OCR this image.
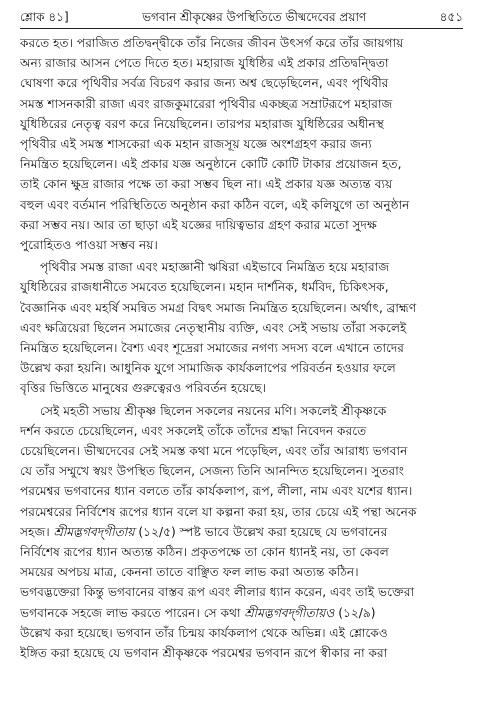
শ্লোক ৪১]	ভগবান শ্রীকৃষ্ণের উপস্থিতিতে ভীষ্মদেবের প্রয়াণ	৪৫১

করতে হত। পরাজিত প্রতিদ্বন্দ্বীকে তাঁর নিজের জীবন উৎসর্গ করে তাঁর জায়গায়
অন্য রাজার আসন পেতে দিতে হত। মহারাজ যুধিষ্ঠির এই প্রকার প্রতিদ্বন্দ্বিতা
ঘোষণা করে পৃথিবীর সর্বত্র বিচরণ করার জন্য অশ্ব ছেড়েছিলেন, এবং পৃথিবীর
সমস্ত শাসনকারী রাজা এবং রাজকুমারেরা পৃথিবীর একচ্ছত্র সম্রাটরূপে মহারাজ
যুধিষ্ঠিরের নেতৃত্ব বরণ করে নিয়েছিলেন। তারপর মহারাজ যুধিষ্ঠিরের অধীনস্থ
পৃথিবীর এই সমস্ত শাসকেরা এক মহান রাজসূয় যজ্ঞে অংশগ্রহণ করার জন্য
নিমন্ত্রিত হয়েছিলেন। এই প্রকার যজ্ঞ অনুষ্ঠানে কোটি কোটি টাকার প্রয়োজন হত,
তাই কোন ক্ষুদ্র রাজার পক্ষে তা করা সম্ভব ছিল না। এই প্রকার যজ্ঞ অত্যন্ত ব্যয়
বহুল এবং বর্তমান পরিস্থিতিতে অনুষ্ঠান করা কঠিন বলে, এই কলিযুগে তা অনুষ্ঠান
করা সম্ভব নয়। আর তা ছাড়া এই যজ্ঞের দায়িত্বভার গ্রহণ করার মতো সুদক্ষ
পুরোহিতও পাওয়া সম্ভব নয়।

পৃথিবীর সমস্ত রাজা এবং মহাজ্ঞানী ঋষিরা এইভাবে নিমন্ত্রিত হয়ে মহারাজ
যুধিষ্ঠিরের রাজধানীতে সমবেত হয়েছিলেন। মহান দার্শনিক, ধর্মবিদ, চিকিৎসক,
বৈজ্ঞানিক এবং মহর্ষি সমন্বিত সমগ্র বিদ্বৎ সমাজ নিমন্ত্রিত হয়েছিলেন। অর্থাৎ, ব্রাহ্মণ
এবং ক্ষত্রিয়েরা ছিলেন সমাজের নেতৃস্থানীয় ব্যক্তি, এবং সেই সভায় তাঁরা সকলেই
নিমন্ত্রিত হয়েছিলেন। বৈশ্য এবং শূদ্রেরা সমাজের নগণ্য সদস্য বলে এখানে তাদের
উল্লেখ করা হয়নি। আধুনিক যুগে সামাজিক কার্যকলাপের পরিবর্তন হওয়ার ফলে
বৃত্তির ভিত্তিতে মানুষের গুরুত্বেরও পরিবর্তন হয়েছে।

সেই মহতী সভায় শ্রীকৃষ্ণ ছিলেন সকলের নয়নের মণি। সকলেই শ্রীকৃষ্ণকে
দর্শন করতে চেয়েছিলেন, এবং সকলেই তাঁকে তাঁদের শ্রদ্ধা নিবেদন করতে
চেয়েছিলেন। ভীষ্মদেবের সেই সমস্ত কথা মনে পড়েছিল, এবং তাঁর আরাধ্য ভগবান
যে তাঁর সম্মুখে স্বয়ং উপস্থিত ছিলেন, সেজন্য তিনি আনন্দিত হয়েছিলেন। সুতরাং
পরমেশ্বর ভগবানের ধ্যান বলতে তাঁর কার্যকলাপ, রূপ, লীলা, নাম এবং যশের ধ্যান।
পরমেশ্বরের নির্বিশেষ রূপের ধ্যান বলে যা কল্পনা করা হয়, তার চেয়ে এই পন্থা অনেক
সহজ। শ্রীমদ্ভগবদ্‌গীতায় (১২/৫) স্পষ্ট ভাবে উল্লেখ করা হয়েছে যে ভগবানের
নির্বিশেষ রূপের ধ্যান অত্যন্ত কঠিন। প্রকৃতপক্ষে তা কোন ধ্যানই নয়, তা কেবল
সময়ের অপচয় মাত্র, কেননা তাতে বাঞ্ছিত ফল লাভ করা অত্যন্ত কঠিন।
ভগবদ্ভক্তেরা কিন্তু ভগবানের বাস্তব রূপ এবং লীলার ধ্যান করেন, এবং তাই ভক্তেরা
ভগবানকে সহজে লাভ করতে পারেন। সে কথা শ্রীমদ্ভগবদ্‌গীতায়ও (১২/৯)
উল্লেখ করা হয়েছে। ভগবান তাঁর চিন্ময় কার্যকলাপ থেকে অভিন্ন। এই শ্লোকেও
ইঙ্গিত করা হয়েছে যে ভগবান শ্রীকৃষ্ণকে পরমেশ্বর ভগবান রূপে স্বীকার না করা
